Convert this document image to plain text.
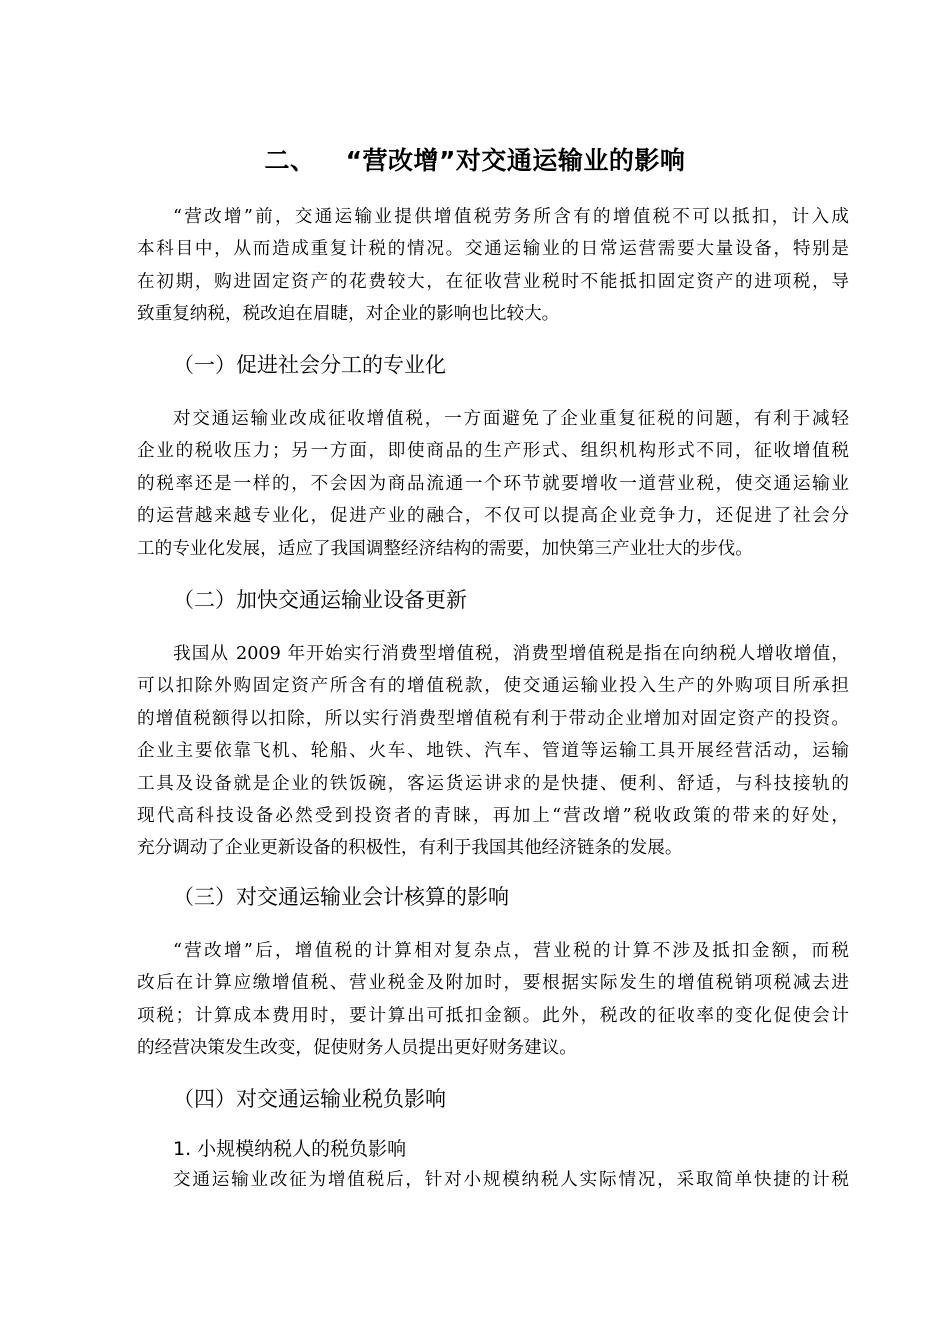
二、 “营改增”对交通运输业的影响

“营改增”前，交通运输业提供增值税劳务所含有的增值税不可以抵扣，计入成
本科目中，从而造成重复计税的情况。交通运输业的日常运营需要大量设备，特别是
在初期，购进固定资产的花费较大，在征收营业税时不能抵扣固定资产的进项税，导
致重复纳税，税改迫在眉睫，对企业的影响也比较大。

（一）促进社会分工的专业化

对交通运输业改成征收增值税，一方面避免了企业重复征税的问题，有利于减轻
企业的税收压力；另一方面，即使商品的生产形式、组织机构形式不同，征收增值税
的税率还是一样的，不会因为商品流通一个环节就要增收一道营业税，使交通运输业
的运营越来越专业化，促进产业的融合，不仅可以提高企业竞争力，还促进了社会分
工的专业化发展，适应了我国调整经济结构的需要，加快第三产业壮大的步伐。

（二）加快交通运输业设备更新

我国从 2009 年开始实行消费型增值税，消费型增值税是指在向纳税人增收增值，
可以扣除外购固定资产所含有的增值税款，使交通运输业投入生产的外购项目所承担
的增值税额得以扣除，所以实行消费型增值税有利于带动企业增加对固定资产的投资。
企业主要依靠飞机、轮船、火车、地铁、汽车、管道等运输工具开展经营活动，运输
工具及设备就是企业的铁饭碗，客运货运讲求的是快捷、便利、舒适，与科技接轨的
现代高科技设备必然受到投资者的青睐，再加上“营改增”税收政策的带来的好处，
充分调动了企业更新设备的积极性，有利于我国其他经济链条的发展。

（三）对交通运输业会计核算的影响

“营改增”后，增值税的计算相对复杂点，营业税的计算不涉及抵扣金额，而税
改后在计算应缴增值税、营业税金及附加时，要根据实际发生的增值税销项税减去进
项税；计算成本费用时，要计算出可抵扣金额。此外，税改的征收率的变化促使会计
的经营决策发生改变，促使财务人员提出更好财务建议。

（四）对交通运输业税负影响
1. 小规模纳税人的税负影响

交通运输业改征为增值税后，针对小规模纳税人实际情况，采取简单快捷的计税
